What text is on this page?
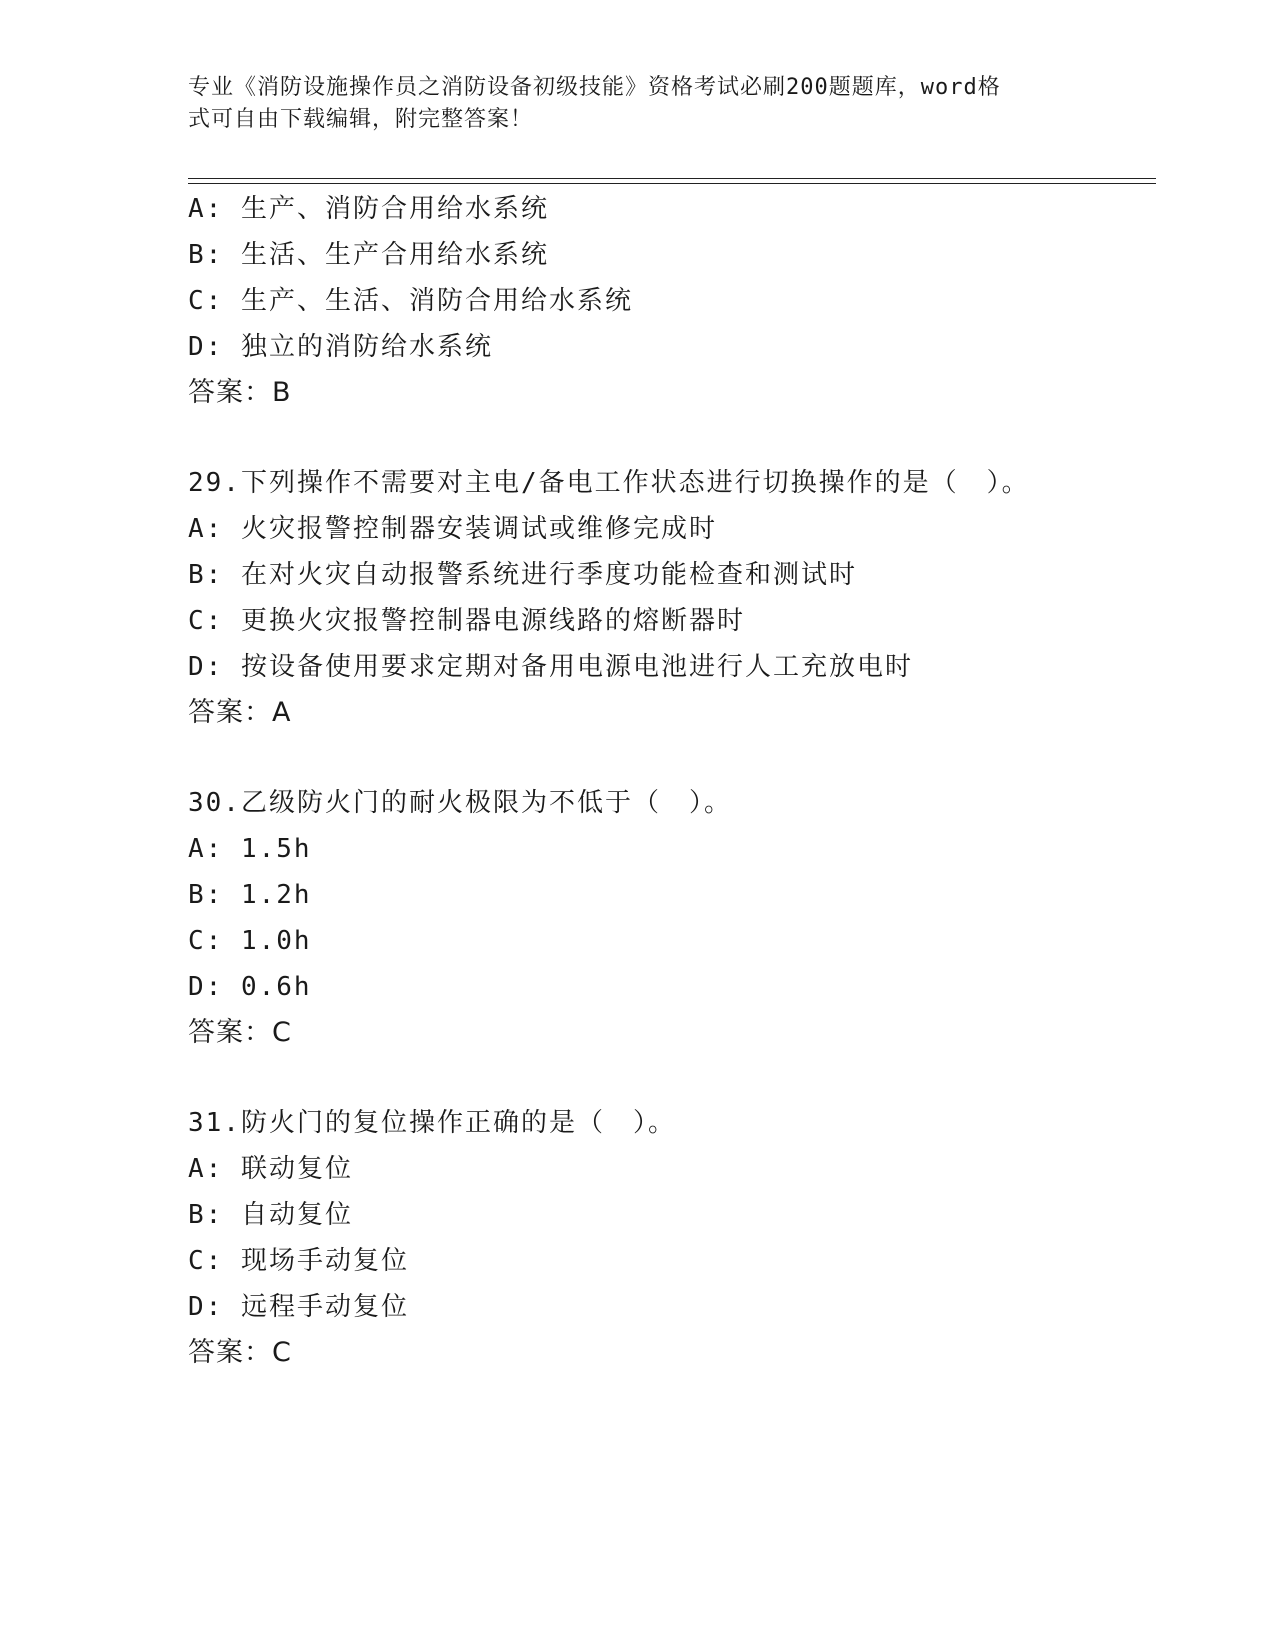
专业《消防设施操作员之消防设备初级技能》资格考试必刷200题题库，word格
式可自由下载编辑，附完整答案！
A: 生产、消防合用给水系统
B: 生活、生产合用给水系统
C: 生产、生活、消防合用给水系统
D: 独立的消防给水系统
答案：B
29.下列操作不需要对主电/备电工作状态进行切换操作的是（　）。
A: 火灾报警控制器安装调试或维修完成时
B: 在对火灾自动报警系统进行季度功能检查和测试时
C: 更换火灾报警控制器电源线路的熔断器时
D: 按设备使用要求定期对备用电源电池进行人工充放电时
答案：A
30.乙级防火门的耐火极限为不低于（　）。
A: 1.5h
B: 1.2h
C: 1.0h
D: 0.6h
答案：C
31.防火门的复位操作正确的是（　）。
A: 联动复位
B: 自动复位
C: 现场手动复位
D: 远程手动复位
答案：C
